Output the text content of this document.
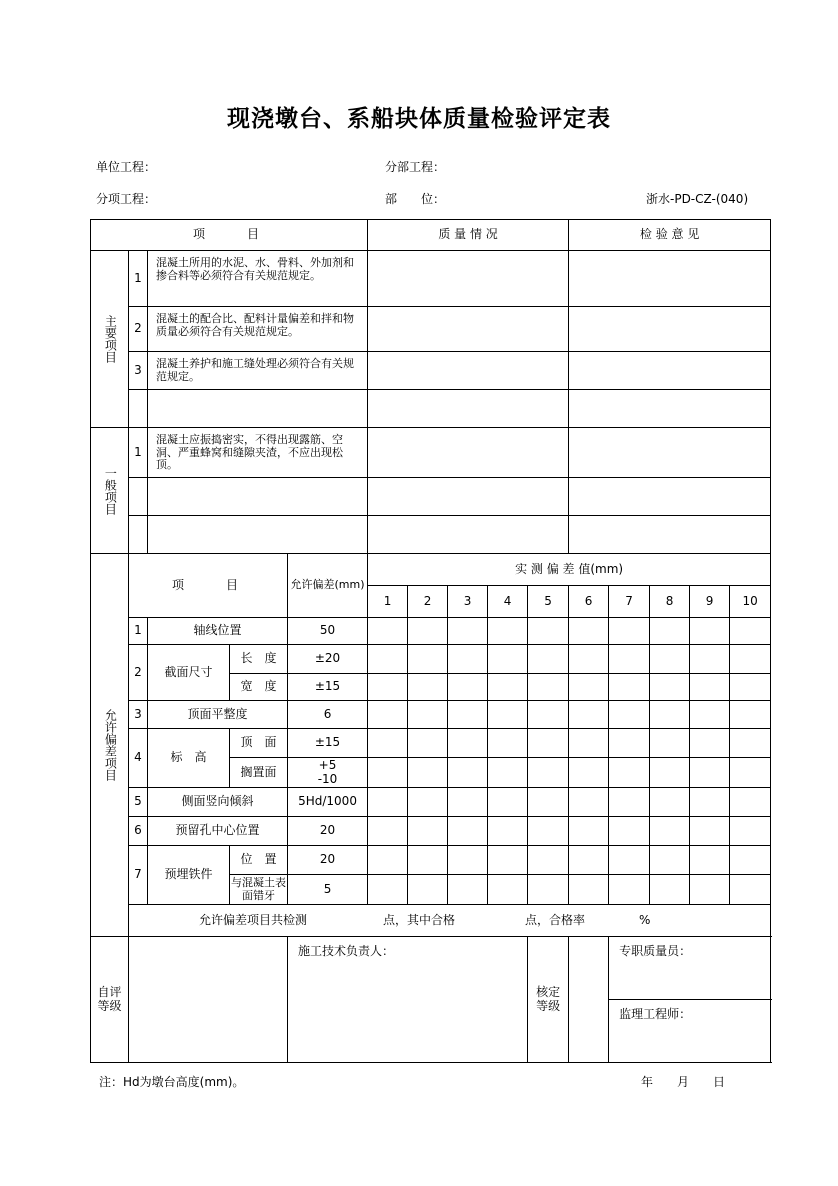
现浇墩台、系船块体质量检验评定表
单位工程：	分部工程：
分项工程：	部　　位：	浙水-PD-CZ-(040)
项　　目					质 量 情 况					检 验 意 见				

主要项目	1	混凝土所用的水泥、水、骨料、外加剂和掺合料等必须符合有关规范规定。												
	2	混凝土的配合比、配料计量偏差和拌和物质量必须符合有关规范规定。												
	3	混凝土养护和施工缝处理必须符合有关规范规定。												

一般项目	1	混凝土应振捣密实，不得出现露筋、空洞、严重蜂窝和缝隙夹渣，不应出现松顶。												

允许偏差项目	项　　目			允许偏差(mm)	实 测 偏 差 值(mm)									
					1	2	3	4	5	6	7	8	9	10
	1	轴线位置		50										
	2	截面尺寸	长　度	±20										
			宽　度	±15										
	3	顶面平整度		6										
	4	标　高	顶　面	±15										
			搁置面	+5
-10										

	5	侧面竖向倾斜		5Hd/1000										
	6	预留孔中心位置		20										
	7	预埋铁件	位　置	20										
			与混凝土表面错牙	5										
	允许偏差项目共检测 点，其中合格 点，合格率 %													
自评等级				施工技术负责人：					核定等级		专职质量员：			
											监理工程师：			
注：Hd为墩台高度(mm)。	年　　月　　日
